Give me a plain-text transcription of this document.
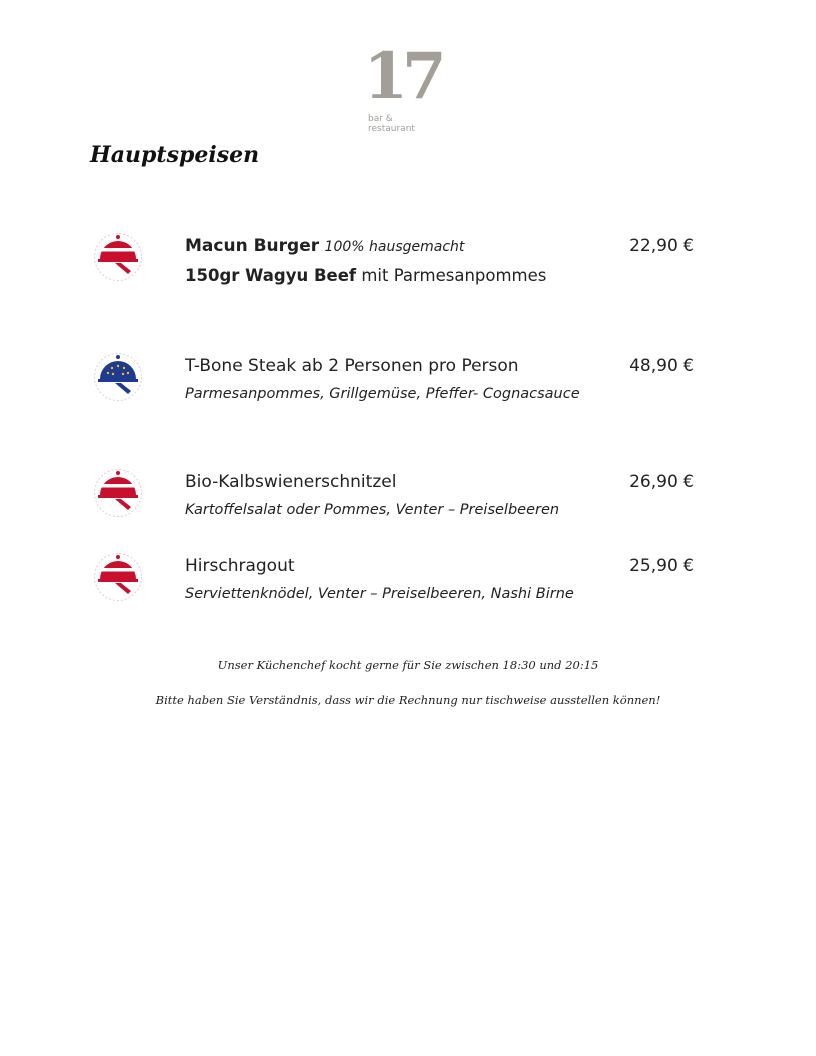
17
bar &
restaurant
Hauptspeisen
Macun Burger 100% hausgemacht	22,90 €
150gr Wagyu Beef mit Parmesanpommes
T-Bone Steak ab 2 Personen pro Person	48,90 €
Parmesanpommes, Grillgemüse, Pfeffer- Cognacsauce
Bio-Kalbswienerschnitzel	26,90 €
Kartoffelsalat oder Pommes, Venter – Preiselbeeren
Hirschragout	25,90 €
Serviettenknödel, Venter – Preiselbeeren, Nashi Birne
Unser Küchenchef kocht gerne für Sie zwischen 18:30 und 20:15
Bitte haben Sie Verständnis, dass wir die Rechnung nur tischweise ausstellen können!
